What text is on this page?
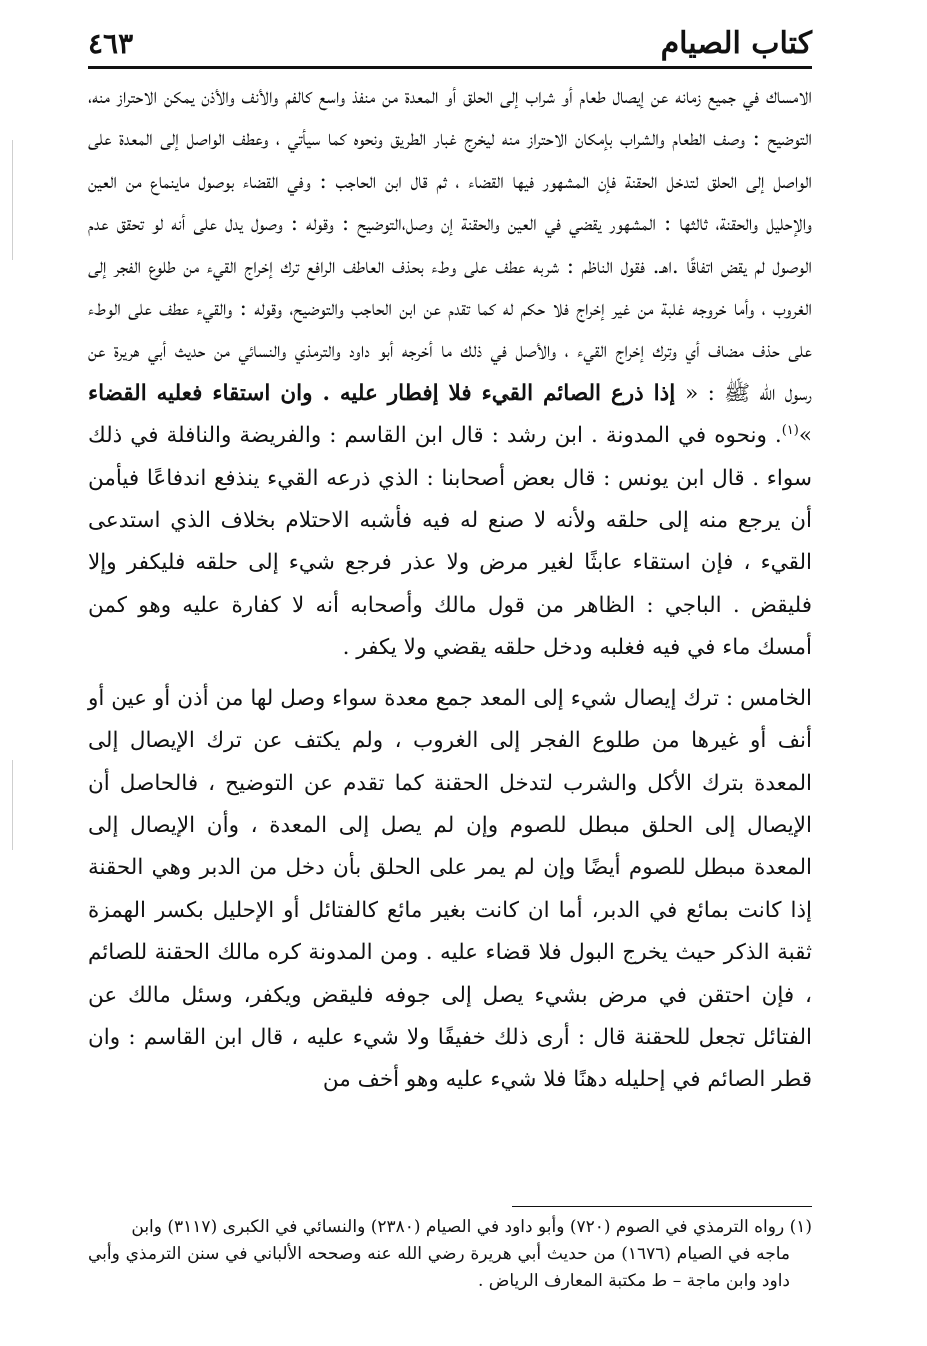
كتاب الصيام
٤٦٣

الامساك في جميع زمانه عن إيصال طعام أو شراب إلى الحلق أو المعدة من منفذ واسع كالفم والأنف والأذن يمكن الاحتراز منه، التوضيح : وصف الطعام والشراب بإمكان الاحتراز منه ليخرج غبار الطريق ونحوه كما سيأتي ، وعطف الواصل إلى المعدة على الواصل إلى الحلق لتدخل الحقنة فإن المشهور فيها القضاء ، ثم قال ابن الحاجب : وفي القضاء بوصول ماينماع من العين والإحليل والحقنة، ثالثها : المشهور يقضي في العين والحقنة إن وصل،التوضيح : وقوله : وصول يدل على أنه لو تحقق عدم الوصول لم يقض اتفاقًا .اهـ. فقول الناظم : شربه عطف على وطء بحذف العاطف الرافع ترك إخراج القيء من طلوع الفجر إلى الغروب ، وأما خروجه غلبة من غير إخراج فلا حكم له كما تقدم عن ابن الحاجب والتوضيح، وقوله : والقيء عطف على الوطء على حذف مضاف أي وترك إخراج القيء ، والأصل في ذلك ما أخرجه أبو داود والترمذي والنسائي من حديث أبي هريرة عن رسول الله ﷺ : « إذا ذرع الصائم القيء فلا إفطار عليه . وان استقاء فعليه القضاء »$^{(١)}$. ونحوه في المدونة . ابن رشد : قال ابن القاسم : والفريضة والنافلة في ذلك سواء . قال ابن يونس : قال بعض أصحابنا : الذي ذرعه القيء ينذفع اندفاعًا فيأمن أن يرجع منه إلى حلقه ولأنه لا صنع له فيه فأشبه الاحتلام بخلاف الذي استدعى القيء ، فإن استقاء عابثًا لغير مرض ولا عذر فرجع شيء إلى حلقه فليكفر وإلا فليقض . الباجي : الظاهر من قول مالك وأصحابه أنه لا كفارة عليه وهو كمن أمسك ماء في فيه فغلبه ودخل حلقه يقضي ولا يكفر .

الخامس : ترك إيصال شيء إلى المعد جمع معدة سواء وصل لها من أذن أو عين أو أنف أو غيرها من طلوع الفجر إلى الغروب ، ولم يكتف عن ترك الإيصال إلى المعدة بترك الأكل والشرب لتدخل الحقنة كما تقدم عن التوضيح ، فالحاصل أن الإيصال إلى الحلق مبطل للصوم وإن لم يصل إلى المعدة ، وأن الإيصال إلى المعدة مبطل للصوم أيضًا وإن لم يمر على الحلق بأن دخل من الدبر وهي الحقنة إذا كانت بمائع في الدبر، أما ان كانت بغير مائع كالفتائل أو الإحليل بكسر الهمزة ثقبة الذكر حيث يخرج البول فلا قضاء عليه . ومن المدونة كره مالك الحقنة للصائم ، فإن احتقن في مرض بشيء يصل إلى جوفه فليقض ويكفر، وسئل مالك عن الفتائل تجعل للحقنة قال : أرى ذلك خفيفًا ولا شيء عليه ، قال ابن القاسم : وان قطر الصائم في إحليله دهنًا فلا شيء عليه وهو أخف من

(١) رواه الترمذي في الصوم (٧٢٠) وأبو داود في الصيام (٢٣٨٠) والنسائي في الكبرى (٣١١٧) وابن

ماجه في الصيام (١٦٧٦) من حديث أبي هريرة رضي الله عنه وصححه الألباني في سنن الترمذي وأبي داود وابن ماجة – ط مكتبة المعارف الرياض .
